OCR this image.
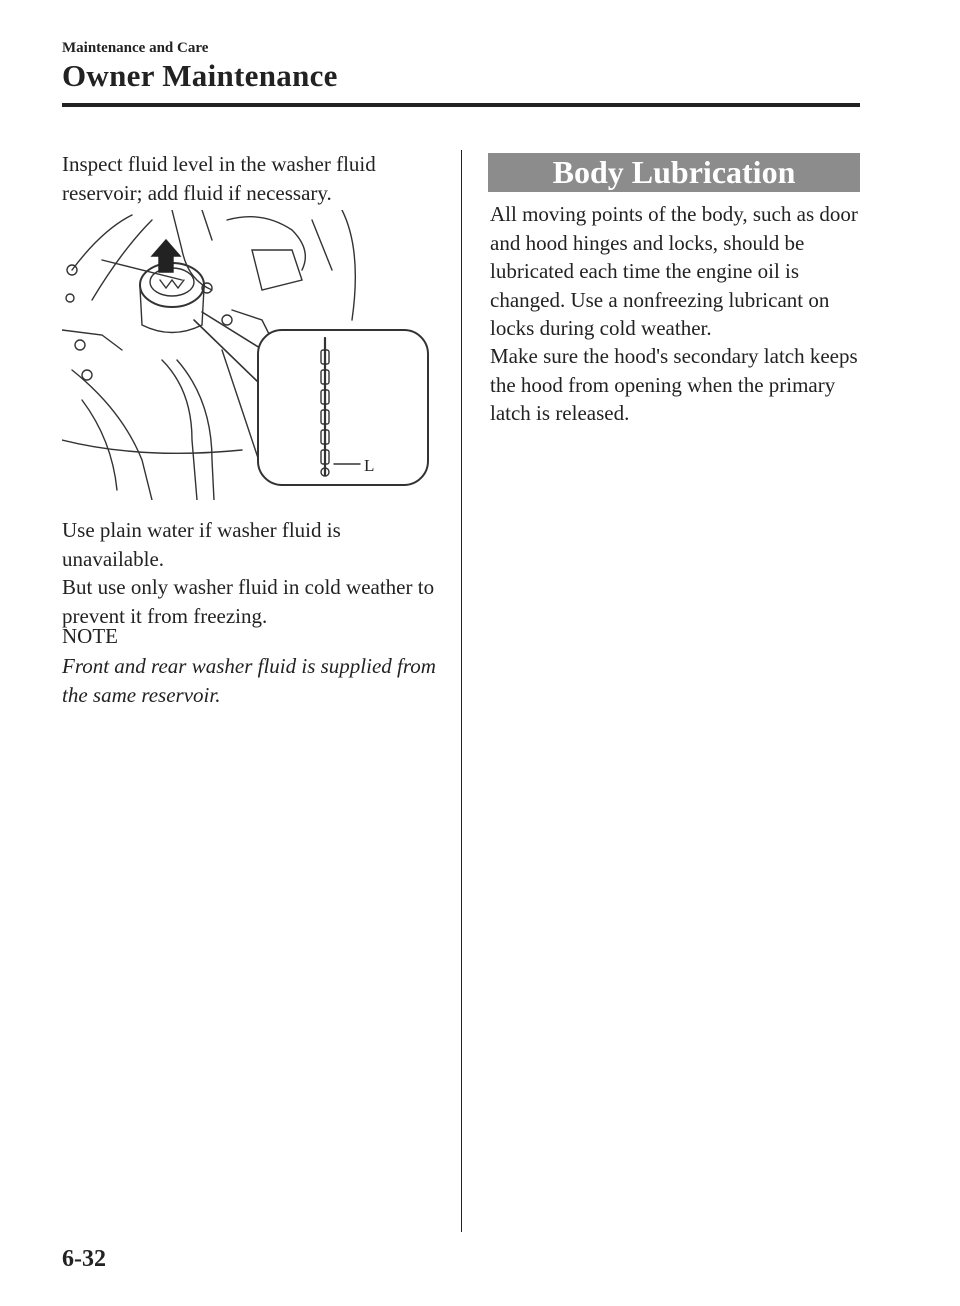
Maintenance and Care
Owner Maintenance

Inspect fluid level in the washer fluid reservoir; add fluid if necessary.

L

Use plain water if washer fluid is unavailable.

But use only washer fluid in cold weather to prevent it from freezing.

NOTE
Front and rear washer fluid is supplied from the same reservoir.
Body Lubrication

All moving points of the body, such as door and hood hinges and locks, should be lubricated each time the engine oil is changed. Use a nonfreezing lubricant on locks during cold weather.

Make sure the hood's secondary latch keeps the hood from opening when the primary latch is released.

6-32
